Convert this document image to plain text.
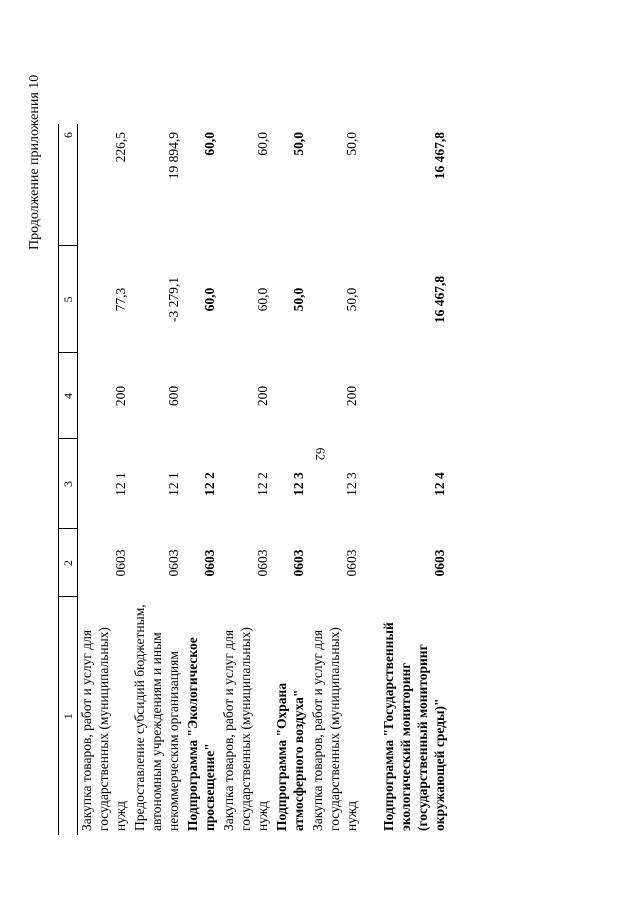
62
Продолжение приложения 10
1	2	3	4	5	6
Закупка товаров, работ и услуг для государственных (муниципальных) нужд	0603	12 1	200	77,3	226,5
Предоставление субсидий бюджетным, автономным учреждениям и иным некоммерческим организациям	0603	12 1	600	-3 279,1	19 894,9
Подпрограмма "Экологическое просвещение"	0603	12 2		60,0	60,0
Закупка товаров, работ и услуг для государственных (муниципальных) нужд	0603	12 2	200	60,0	60,0
Подпрограмма "Охрана атмосферного воздуха"	0603	12 3		50,0	50,0
Закупка товаров, работ и услуг для государственных (муниципальных) нужд	0603	12 3	200	50,0	50,0

Подпрограмма "Государственный экологический мониторинг (государственный мониторинг окружающей среды)"	0603	12 4		16 467,8	16 467,8
